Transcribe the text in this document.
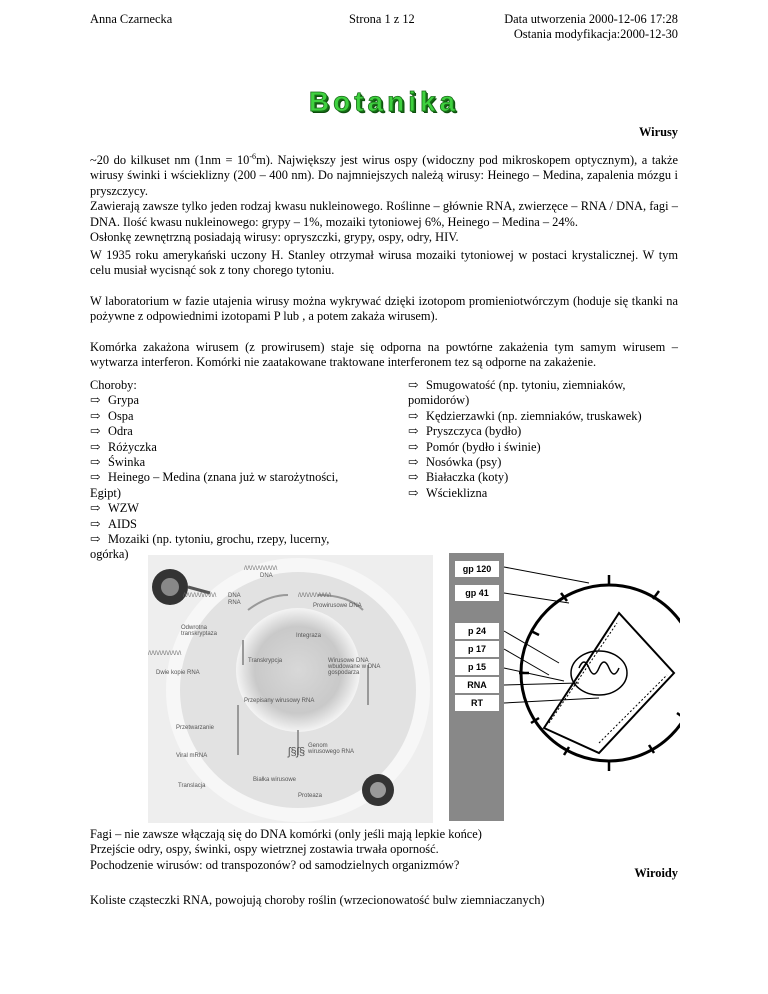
Anna Czarnecka	Strona 1 z 12	Data utworzenia 2000-12-06 17:28
Ostania modyfikacja:2000-12-30
Botanika
Wirusy

~20 do kilkuset nm $(1nm = 10^{-6}m)$. Największy jest wirus ospy (widoczny pod mikroskopem optycznym), a także wirusy świnki i wścieklizny (200 – 400 nm). Do najmniejszych należą wirusy: Heinego – Medina, zapalenia mózgu i pryszczycy.

Zawierają zawsze tylko jeden rodzaj kwasu nukleinowego. Roślinne – głównie RNA, zwierzęce – RNA / DNA, fagi – DNA. Ilość kwasu nukleinowego: grypy – 1%, mozaiki tytoniowej 6%, Heinego – Medina – 24%.

Osłonkę zewnętrzną posiadają wirusy: opryszczki, grypy, ospy, odry, HIV.

W 1935 roku amerykański uczony H. Stanley otrzymał wirusa mozaiki tytoniowej w postaci krystalicznej. W tym celu musiał wycisnąć sok z tony chorego tytoniu.
W laboratorium w fazie utajenia wirusy można wykrywać dzięki izotopom promieniotwórczym (hoduje się tkanki na pożywne z odpowiednimi izotopami P lub , a potem zakaża wirusem).
Komórka zakażona wirusem (z prowirusem) staje się odporna na powtórne zakażenia tym samym wirusem – wytwarza interferon. Komórki nie zaatakowane traktowane interferonem tez są odporne na zakażenie.
Choroby:
⇨ Grypa
⇨ Ospa
⇨ Odra
⇨ Różyczka
⇨ Świnka
⇨ Heinego – Medina (znana już w starożytności, Egipt)
⇨ WZW
⇨ AIDS
⇨ Mozaiki (np. tytoniu, grochu, rzepy, lucerny, ogórka)
⇨ Smugowatość (np. tytoniu, ziemniaków, pomidorów)
⇨ Kędzierzawki (np. ziemniaków, truskawek)
⇨ Pryszczyca (bydło)
⇨ Pomór (bydło i świnie)
⇨ Nosówka (psy)
⇨ Białaczka (koty)
⇨ Wścieklizna
/\/\/\/\/\/\/\/\/\/\
/\/\/\/\/\/\/\/\/\/\	/\/\/\/\/\/\/\/\/\/\
/\/\/\/\/\/\/\/\/\/\
ʃ§ʃ§
DNA
DNA
RNA	Prowirusowe DNA
Odwrotna transkryptaza	Integraza
Transkrypcja
Dwie kopie RNA
Wirusowe DNA wbudowane w DNA gospodarza
Przepisany wirusowy RNA
Przetwarzanie
Viral mRNA
Genom wirusowego RNA
Białka wirusowe
Translacja
Proteaza
gp 120
gp 41
p 24
p 17
p 15
RNA
RT

Fagi – nie zawsze włączają się do DNA komórki (only jeśli mają lepkie końce)

Przejście odry, ospy, świnki, ospy wietrznej zostawia trwała oporność.

Pochodzenie wirusów: od transpozonów? od samodzielnych organizmów?

Wiroidy
Koliste cząsteczki RNA, powojują choroby roślin (wrzecionowatość bulw ziemniaczanych)
